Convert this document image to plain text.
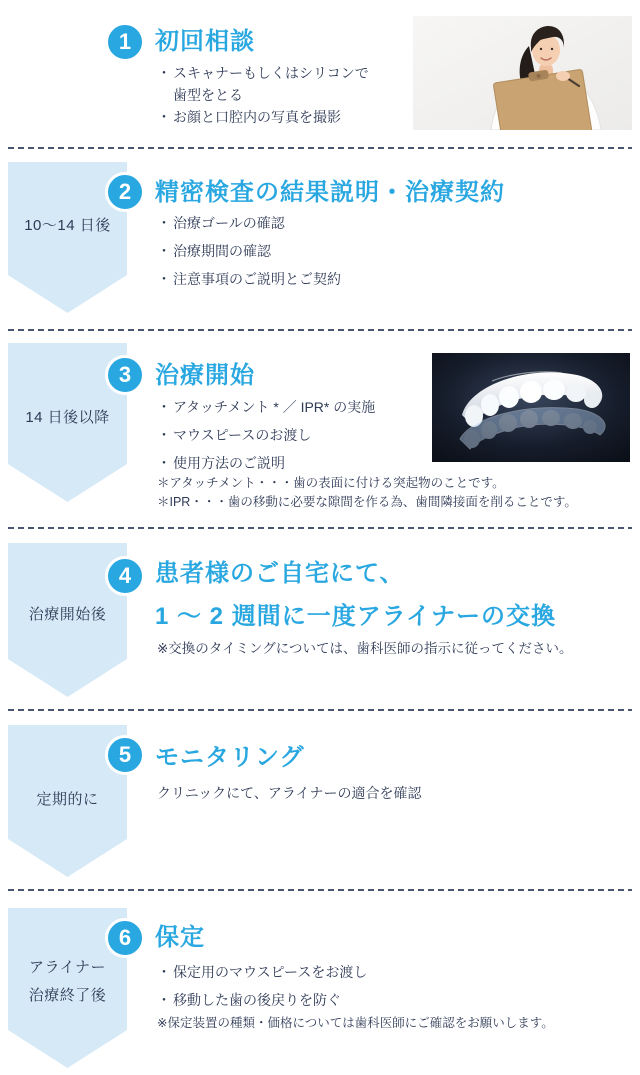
1 初回相談
・ スキャナーもしくはシリコンで
歯型をとる
・ お顔と口腔内の写真を撮影
10〜14 日後
2 精密検査の結果説明・治療契約
・ 治療ゴールの確認
・ 治療期間の確認
・ 注意事項のご説明とご契約
14 日後以降
3 治療開始
・ アタッチメント * ／ IPR* の実施
・ マウスピースのお渡し
・ 使用方法のご説明
＊アタッチメント・・・歯の表面に付ける突起物のことです。
＊IPR・・・歯の移動に必要な隙間を作る為、歯間隣接面を削ることです。
治療開始後
4 患者様のご自宅にて、
1 〜 2 週間に一度アライナーの交換
※交換のタイミングについては、歯科医師の指示に従ってください。
定期的に
5 モニタリング
クリニックにて、アライナーの適合を確認
アライナー
治療終了後
6 保定
・ 保定用のマウスピースをお渡し
・ 移動した歯の後戻りを防ぐ
※保定装置の種類・価格については歯科医師にご確認をお願いします。
